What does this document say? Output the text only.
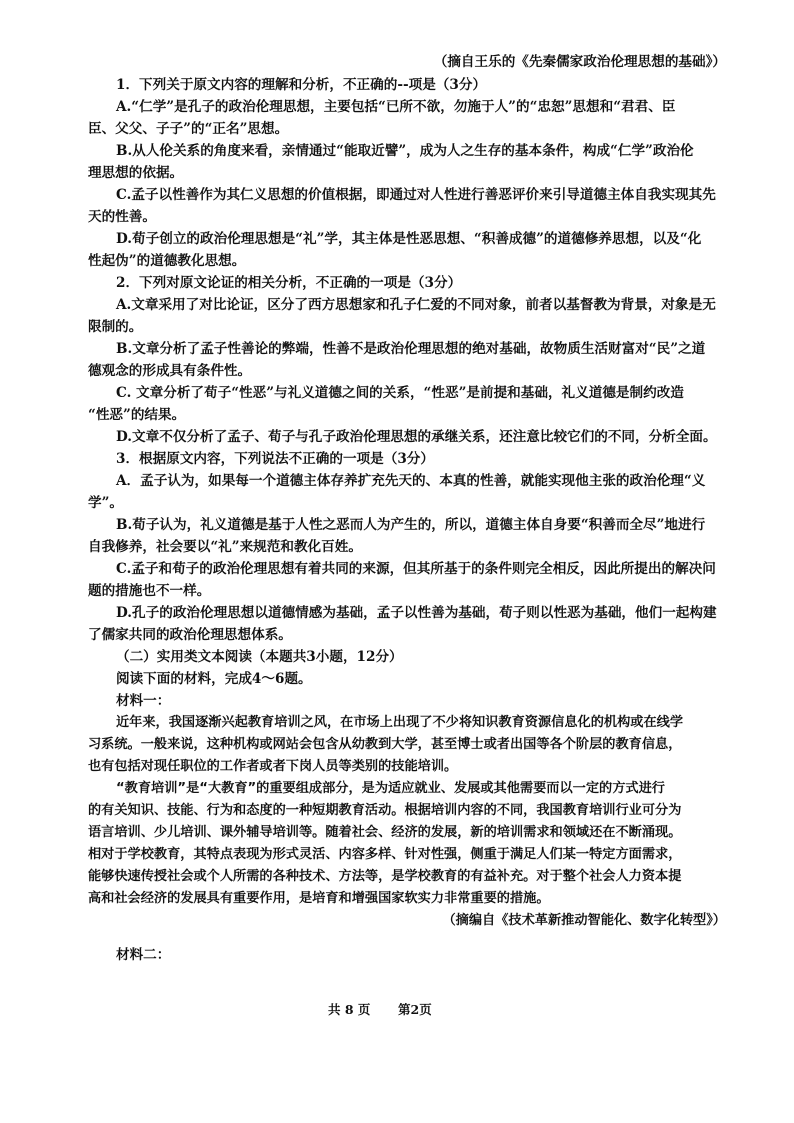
（摘自王乐的《先秦儒家政治伦理思想的基础》）
1．下列关于原文内容的理解和分析，不正确的--项是（3分）
A.“仁学”是孔子的政治伦理思想，主要包括“已所不欲，勿施于人”的“忠恕”思想和“君君、臣
臣、父父、子子”的“正名”思想。
B.从人伦关系的角度来看，亲情通过“能取近譬”，成为人之生存的基本条件，构成“仁学”政治伦
理思想的依据。
C.孟子以性善作为其仁义思想的价值根据，即通过对人性进行善恶评价来引导道德主体自我实现其先
天的性善。
D.荀子创立的政治伦理思想是“礼”学，其主体是性恶思想、“积善成德”的道德修养思想，以及“化
性起伪”的道德教化思想。
2．下列对原文论证的相关分析，不正确的一项是（3分）
A.文章采用了对比论证，区分了西方思想家和孔子仁爱的不同对象，前者以基督教为背景，对象是无
限制的。
B.文章分析了孟子性善论的弊端，性善不是政治伦理思想的绝对基础，故物质生活财富对“民”之道
德观念的形成具有条件性。
C. 文章分析了荀子“性恶”与礼义道德之间的关系，“性恶”是前提和基础，礼义道德是制约改造
“性恶”的结果。
D.文章不仅分析了孟子、荀子与孔子政治伦理思想的承继关系，还注意比较它们的不同，分析全面。
3．根据原文内容，下列说法不正确的一项是（3分）
A．孟子认为，如果每一个道德主体存养扩充先天的、本真的性善，就能实现他主张的政治伦理“义
学”。
B.荀子认为，礼义道德是基于人性之恶而人为产生的，所以，道德主体自身要“积善而全尽”地进行
自我修养，社会要以“礼”来规范和教化百姓。
C.孟子和荀子的政治伦理思想有着共同的来源，但其所基于的条件则完全相反，因此所提出的解决问
题的措施也不一样。
D.孔子的政治伦理思想以道德情感为基础，孟子以性善为基础，荀子则以性恶为基础，他们一起构建
了儒家共同的政治伦理思想体系。
（二）实用类文本阅读（本题共3小题，12分）
阅读下面的材料，完成4～6题。
材料一：
近年来，我国逐渐兴起教育培训之风，在市场上出现了不少将知识教育资源信息化的机构或在线学
习系统。一般来说，这种机构或网站会包含从幼教到大学，甚至博士或者出国等各个阶层的教育信息，
也有包括对现任职位的工作者或者下岗人员等类别的技能培训。
“教育培训”是“大教育”的重要组成部分，是为适应就业、发展或其他需要而以一定的方式进行
的有关知识、技能、行为和态度的一种短期教育活动。根据培训内容的不同，我国教育培训行业可分为
语言培训、少儿培训、课外辅导培训等。随着社会、经济的发展，新的培训需求和领域还在不断涌现。
相对于学校教育，其特点表现为形式灵活、内容多样、针对性强，侧重于满足人们某一特定方面需求，
能够快速传授社会或个人所需的各种技术、方法等，是学校教育的有益补充。对于整个社会人力资本提
高和社会经济的发展具有重要作用，是培育和增强国家软实力非常重要的措施。
（摘编自《技术革新推动智能化、数字化转型》）
材料二：
共 8 页 第2页
